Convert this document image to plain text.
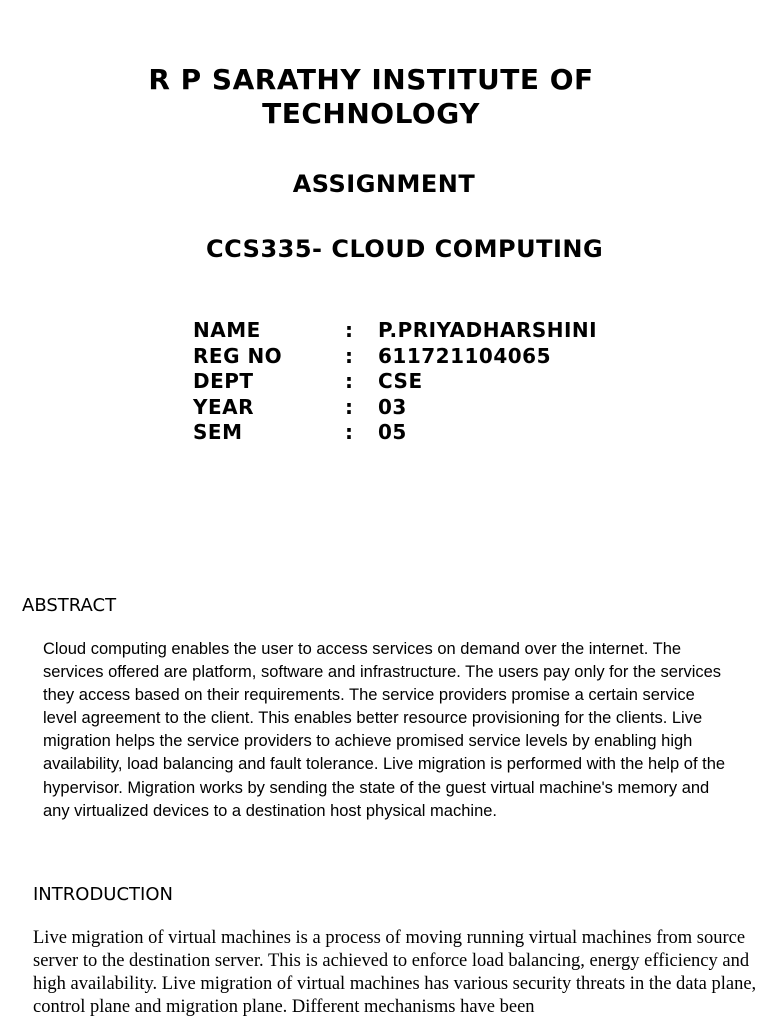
R P SARATHY INSTITUTE OF TECHNOLOGY
ASSIGNMENT
CCS335- CLOUD COMPUTING
NAME	: P.PRIYADHARSHINI
REG NO	: 611721104065
DEPT	: CSE
YEAR	: 03
SEM	: 05
ABSTRACT

Cloud computing enables the user to access services on demand over the internet. The services offered are platform, software and infrastructure. The users pay only for the services they access based on their requirements. The service providers promise a certain service level agreement to the client. This enables better resource provisioning for the clients. Live migration helps the service providers to achieve promised service levels by enabling high availability, load balancing and fault tolerance. Live migration is performed with the help of the hypervisor. Migration works by sending the state of the guest virtual machine's memory and any virtualized devices to a destination host physical machine.

INTRODUCTION

Live migration of virtual machines is a process of moving running virtual machines from source server to the destination server. This is achieved to enforce load balancing, energy efficiency and high availability. Live migration of virtual machines has various security threats in the data plane, control plane and migration plane. Different mechanisms have been
